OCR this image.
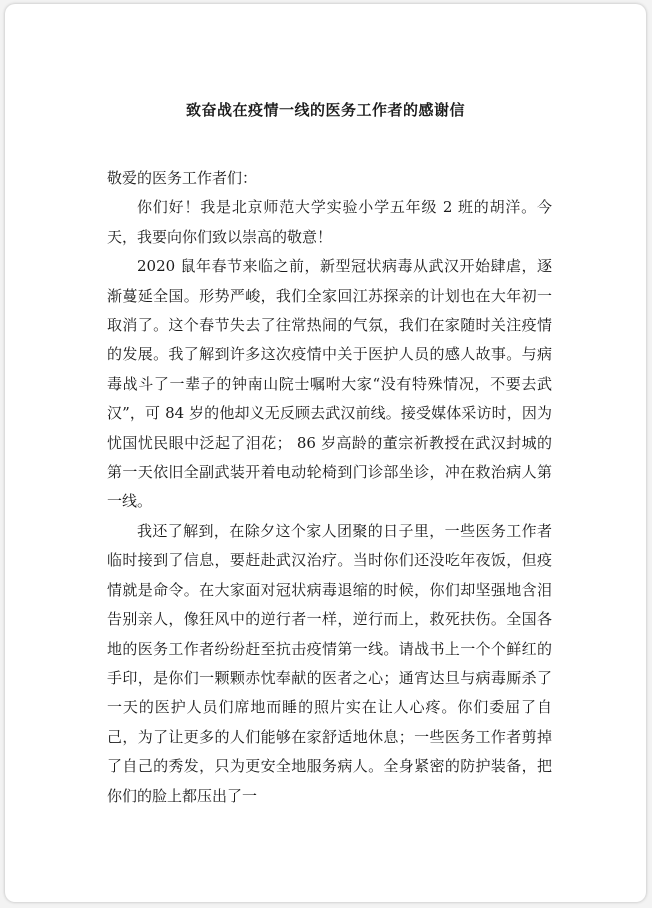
致奋战在疫情一线的医务工作者的感谢信

敬爱的医务工作者们：

你们好！我是北京师范大学实验小学五年级 2 班的胡洋。今天，我要向你们致以崇高的敬意！

2020 鼠年春节来临之前，新型冠状病毒从武汉开始肆虐，逐渐蔓延全国。形势严峻，我们全家回江苏探亲的计划也在大年初一取消了。这个春节失去了往常热闹的气氛，我们在家随时关注疫情的发展。我了解到许多这次疫情中关于医护人员的感人故事。与病毒战斗了一辈子的钟南山院士嘱咐大家“没有特殊情况，不要去武汉”，可 84 岁的他却义无反顾去武汉前线。接受媒体采访时，因为忧国忧民眼中泛起了泪花； 86 岁高龄的董宗祈教授在武汉封城的第一天依旧全副武装开着电动轮椅到门诊部坐诊，冲在救治病人第一线。

我还了解到，在除夕这个家人团聚的日子里，一些医务工作者临时接到了信息，要赶赴武汉治疗。当时你们还没吃年夜饭，但疫情就是命令。在大家面对冠状病毒退缩的时候，你们却坚强地含泪告别亲人，像狂风中的逆行者一样，逆行而上，救死扶伤。全国各地的医务工作者纷纷赶至抗击疫情第一线。请战书上一个个鲜红的手印，是你们一颗颗赤忱奉献的医者之心；通宵达旦与病毒厮杀了一天的医护人员们席地而睡的照片实在让人心疼。你们委屈了自己，为了让更多的人们能够在家舒适地休息；一些医务工作者剪掉了自己的秀发，只为更安全地服务病人。全身紧密的防护装备，把你们的脸上都压出了一
